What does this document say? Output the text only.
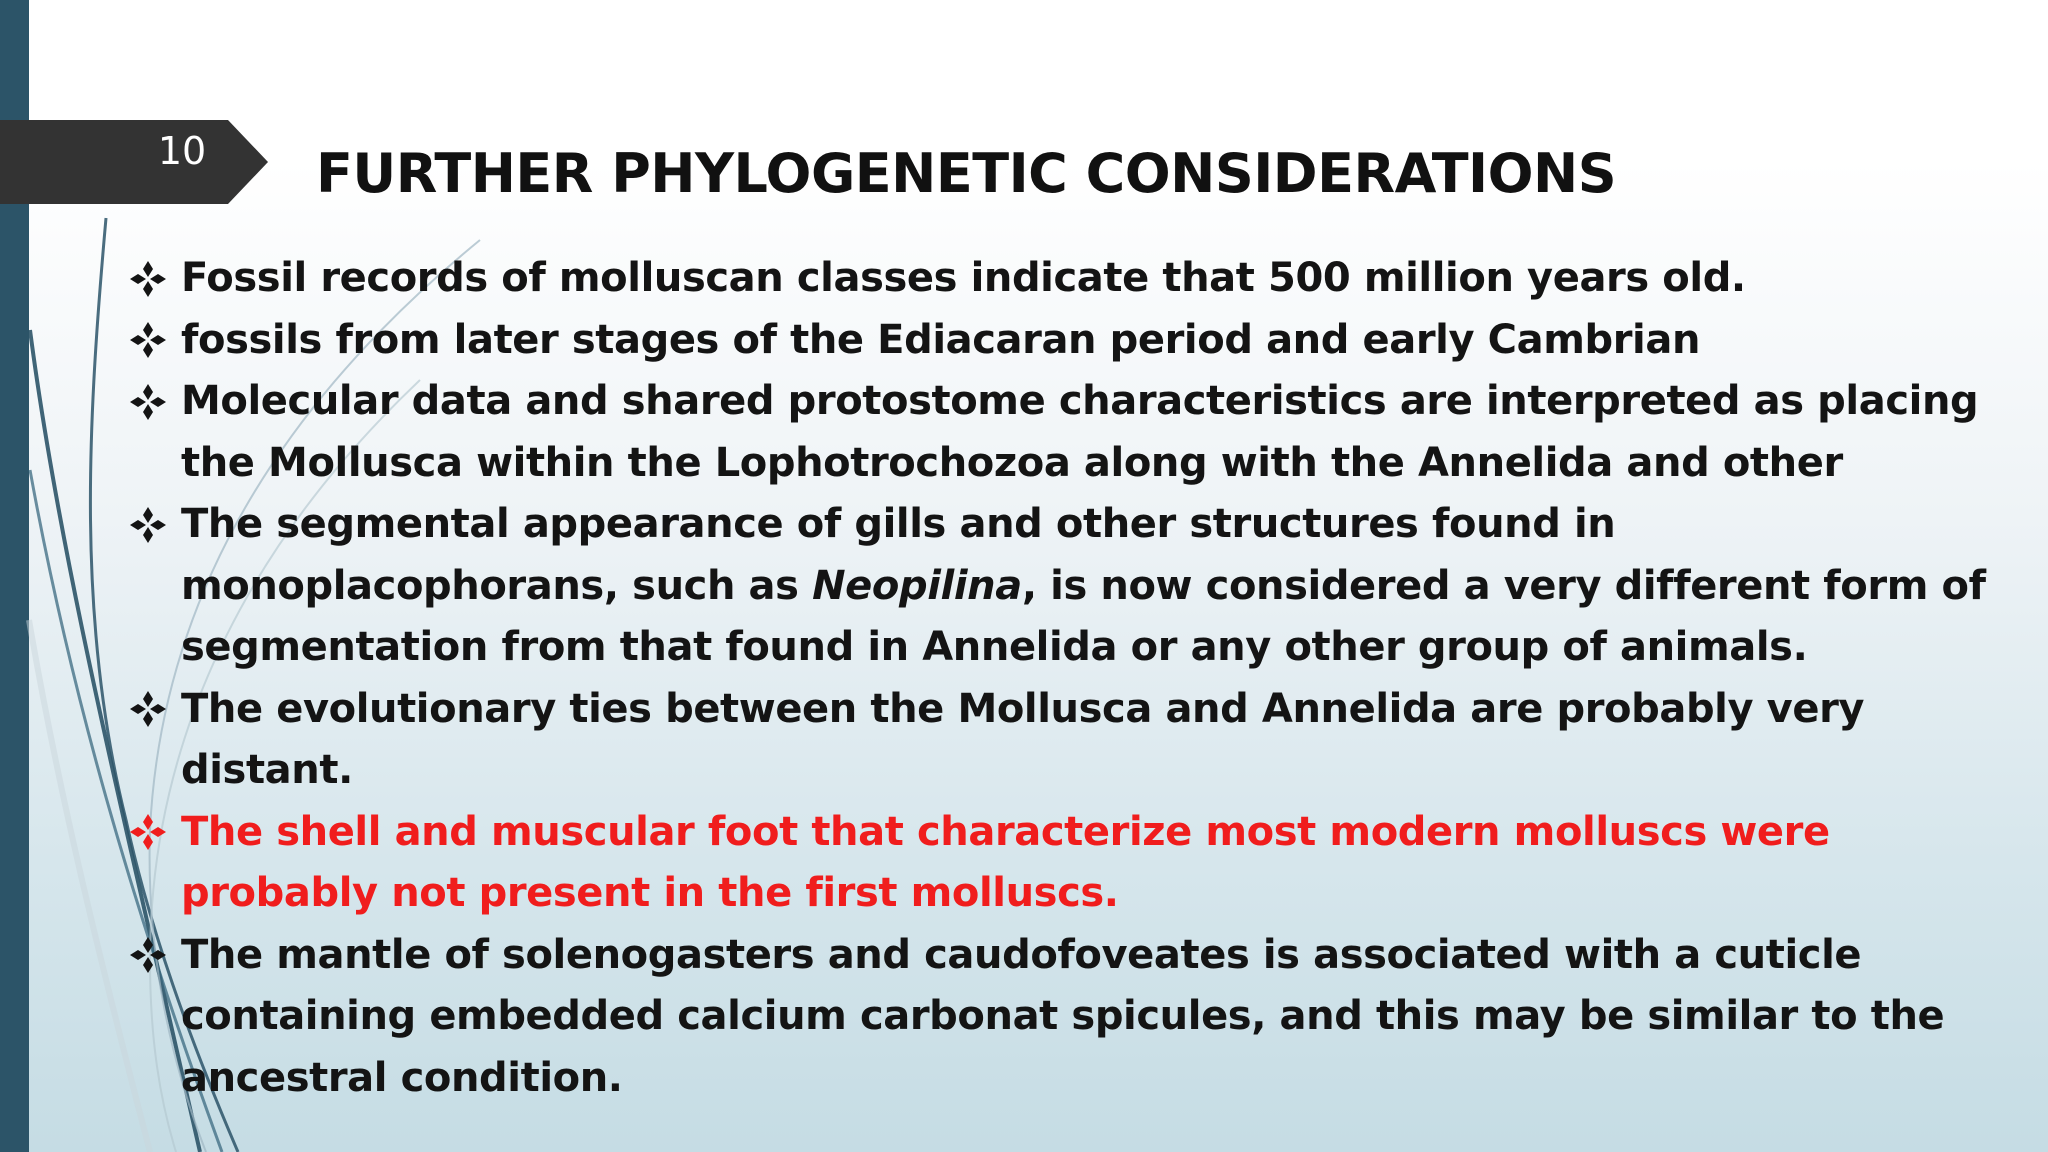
10	FURTHER PHYLOGENETIC CONSIDERATIONS
Fossil records of molluscan classes indicate that 500 million years old.
fossils from later stages of the Ediacaran period and early Cambrian
Molecular data and shared protostome characteristics are interpreted as placing the Mollusca within the Lophotrochozoa along with the Annelida and other
The segmental appearance of gills and other structures found in monoplacophorans, such as Neopilina, is now considered a very different form of segmentation from that found in Annelida or any other group of animals.
The evolutionary ties between the Mollusca and Annelida are probably very distant.
The shell and muscular foot that characterize most modern molluscs were probably not present in the first molluscs.
The mantle of solenogasters and caudofoveates is associated with a cuticle containing embedded calcium carbonat spicules, and this may be similar to the ancestral condition.
